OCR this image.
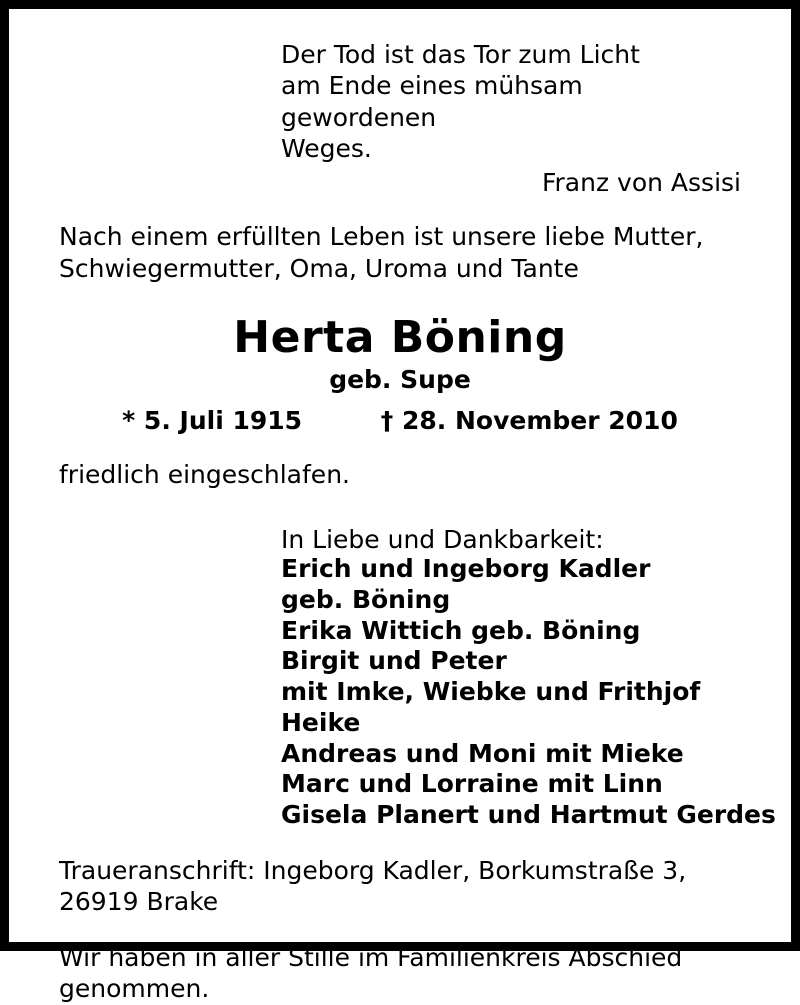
Der Tod ist das Tor zum Licht
am Ende eines mühsam gewordenen
Weges.
Franz von Assisi
Nach einem erfüllten Leben ist unsere liebe Mutter,
Schwiegermutter, Oma, Uroma und Tante
Herta Böning
geb. Supe
* 5. Juli 1915	† 28. November 2010
friedlich eingeschlafen.
In Liebe und Dankbarkeit:
Erich und Ingeborg Kadler
geb. Böning
Erika Wittich geb. Böning
Birgit und Peter
mit Imke, Wiebke und Frithjof
Heike
Andreas und Moni mit Mieke
Marc und Lorraine mit Linn
Gisela Planert und Hartmut Gerdes
Traueranschrift: Ingeborg Kadler, Borkumstraße 3,
26919 Brake
Wir haben in aller Stille im Familienkreis Abschied
genommen.
